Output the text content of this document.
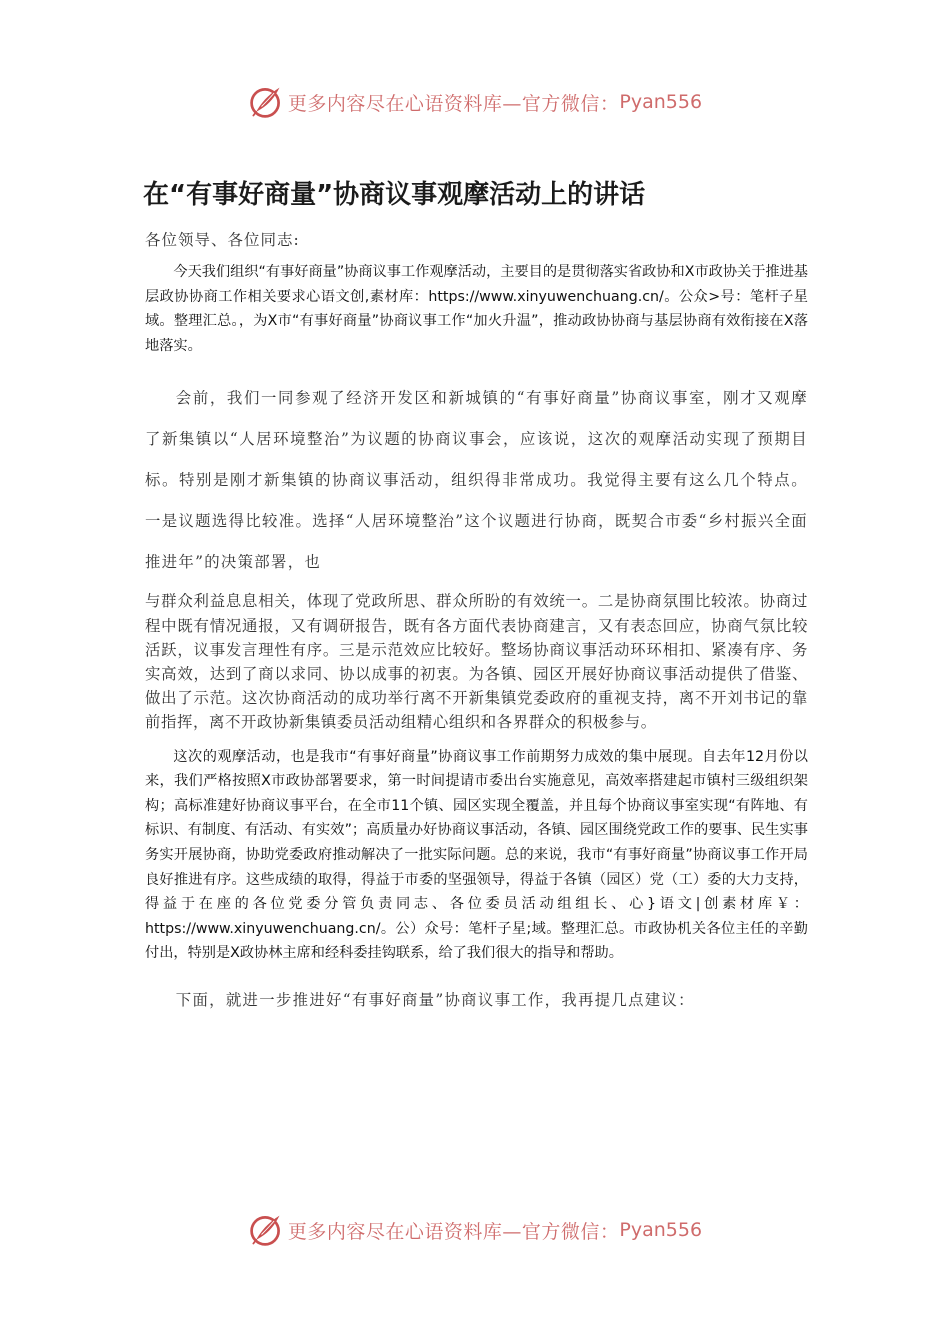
更多内容尽在心语资料库—官方微信： Pyan556
在“有事好商量”协商议事观摩活动上的讲话

各位领导、各位同志:

今天我们组织“有事好商量”协商议事工作观摩活动，主要目的是贯彻落实省政协和X市政协关于推进基层政协协商工作相关要求心语文创,素材库：https://www.xinyuwenchuang.cn/。公众>号：笔杆子星域。整理汇总。，为X市“有事好商量”协商议事工作“加火升温”，推动政协协商与基层协商有效衔接在X落地落实。

会前，我们一同参观了经济开发区和新城镇的“有事好商量”协商议事室，刚才又观摩了新集镇以“人居环境整治”为议题的协商议事会，应该说，这次的观摩活动实现了预期目标。特别是刚才新集镇的协商议事活动，组织得非常成功。我觉得主要有这么几个特点。一是议题选得比较准。选择“人居环境整治”这个议题进行协商，既契合市委“乡村振兴全面推进年”的决策部署，也

与群众利益息息相关，体现了党政所思、群众所盼的有效统一。二是协商氛围比较浓。协商过程中既有情况通报，又有调研报告，既有各方面代表协商建言，又有表态回应，协商气氛比较活跃，议事发言理性有序。三是示范效应比较好。整场协商议事活动环环相扣、紧凑有序、务实高效，达到了商以求同、协以成事的初衷。为各镇、园区开展好协商议事活动提供了借鉴、做出了示范。这次协商活动的成功举行离不开新集镇党委政府的重视支持，离不开刘书记的靠前指挥，离不开政协新集镇委员活动组精心组织和各界群众的积极参与。

这次的观摩活动，也是我市“有事好商量”协商议事工作前期努力成效的集中展现。自去年12月份以来，我们严格按照X市政协部署要求，第一时间提请市委出台实施意见，高效率搭建起市镇村三级组织架构；高标准建好协商议事平台，在全市11个镇、园区实现全覆盖，并且每个协商议事室实现“有阵地、有标识、有制度、有活动、有实效”；高质量办好协商议事活动，各镇、园区围绕党政工作的要事、民生实事务实开展协商，协助党委政府推动解决了一批实际问题。总的来说，我市“有事好商量”协商议事工作开局良好推进有序。这些成绩的取得，得益于市委的坚强领导，得益于各镇（园区）党（工）委的大力支持，得益于在座的各位党委分管负责同志、各位委员活动组组长、心}语文|创素材库￥：https://www.xinyuwenchuang.cn/。公）众号：笔杆子星;域。整理汇总。市政协机关各位主任的辛勤付出，特别是X政协林主席和经科委挂钩联系，给了我们很大的指导和帮助。

下面，就进一步推进好“有事好商量”协商议事工作，我再提几点建议：

更多内容尽在心语资料库—官方微信： Pyan556
